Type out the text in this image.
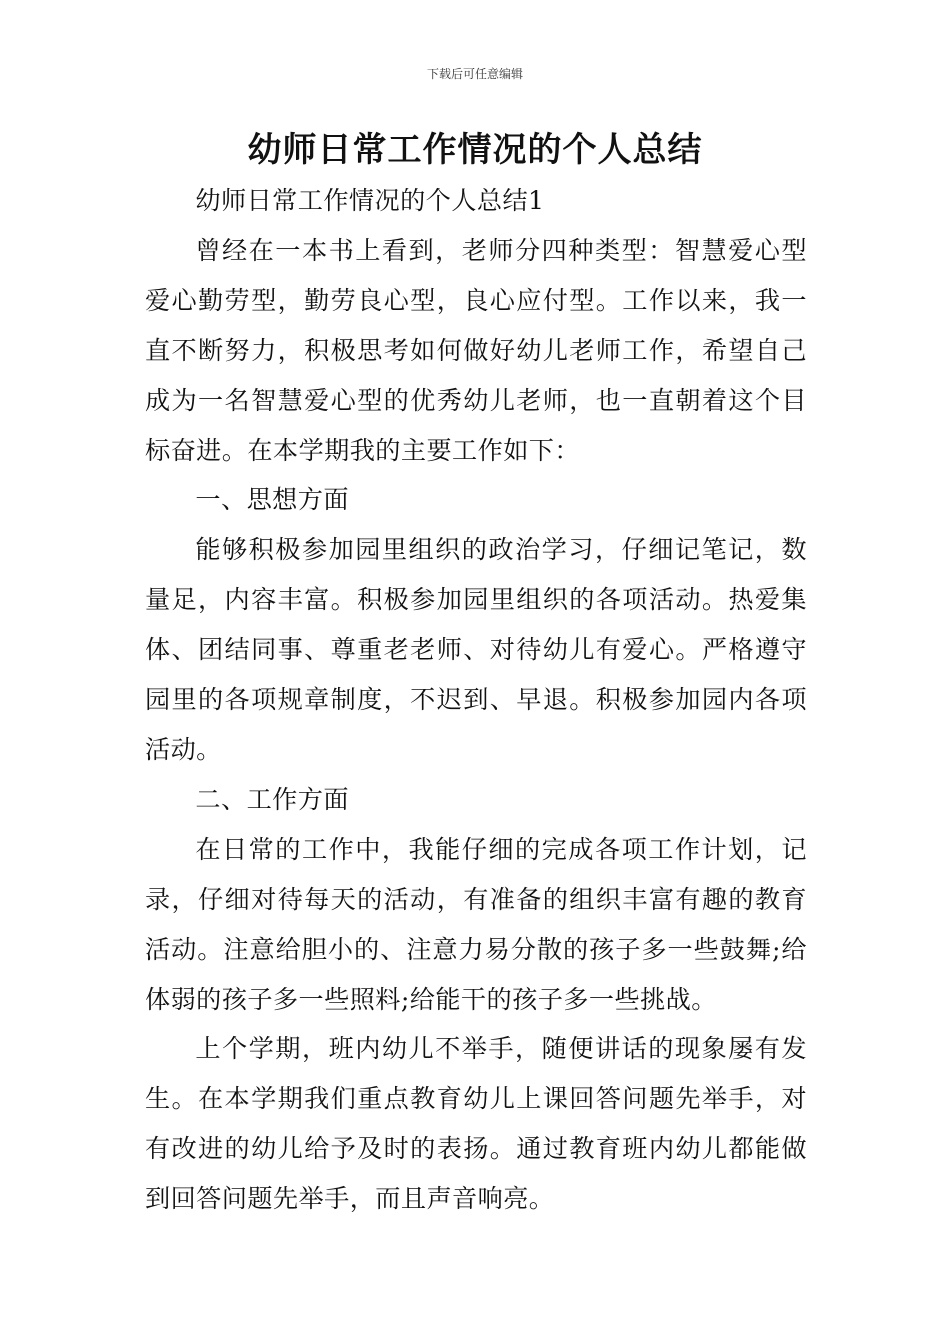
下载后可任意编辑
幼师日常工作情况的个人总结

幼师日常工作情况的个人总结1

曾经在一本书上看到，老师分四种类型：智慧爱心型爱心勤劳型，勤劳良心型，良心应付型。工作以来，我一直不断努力，积极思考如何做好幼儿老师工作，希望自己成为一名智慧爱心型的优秀幼儿老师，也一直朝着这个目标奋进。在本学期我的主要工作如下：

一、思想方面

能够积极参加园里组织的政治学习，仔细记笔记，数量足，内容丰富。积极参加园里组织的各项活动。热爱集体、团结同事、尊重老老师、对待幼儿有爱心。严格遵守园里的各项规章制度，不迟到、早退。积极参加园内各项活动。

二、工作方面

在日常的工作中，我能仔细的完成各项工作计划，记录，仔细对待每天的活动，有准备的组织丰富有趣的教育活动。注意给胆小的、注意力易分散的孩子多一些鼓舞;给体弱的孩子多一些照料;给能干的孩子多一些挑战。

上个学期，班内幼儿不举手，随便讲话的现象屡有发生。在本学期我们重点教育幼儿上课回答问题先举手，对有改进的幼儿给予及时的表扬。通过教育班内幼儿都能做到回答问题先举手，而且声音响亮。
